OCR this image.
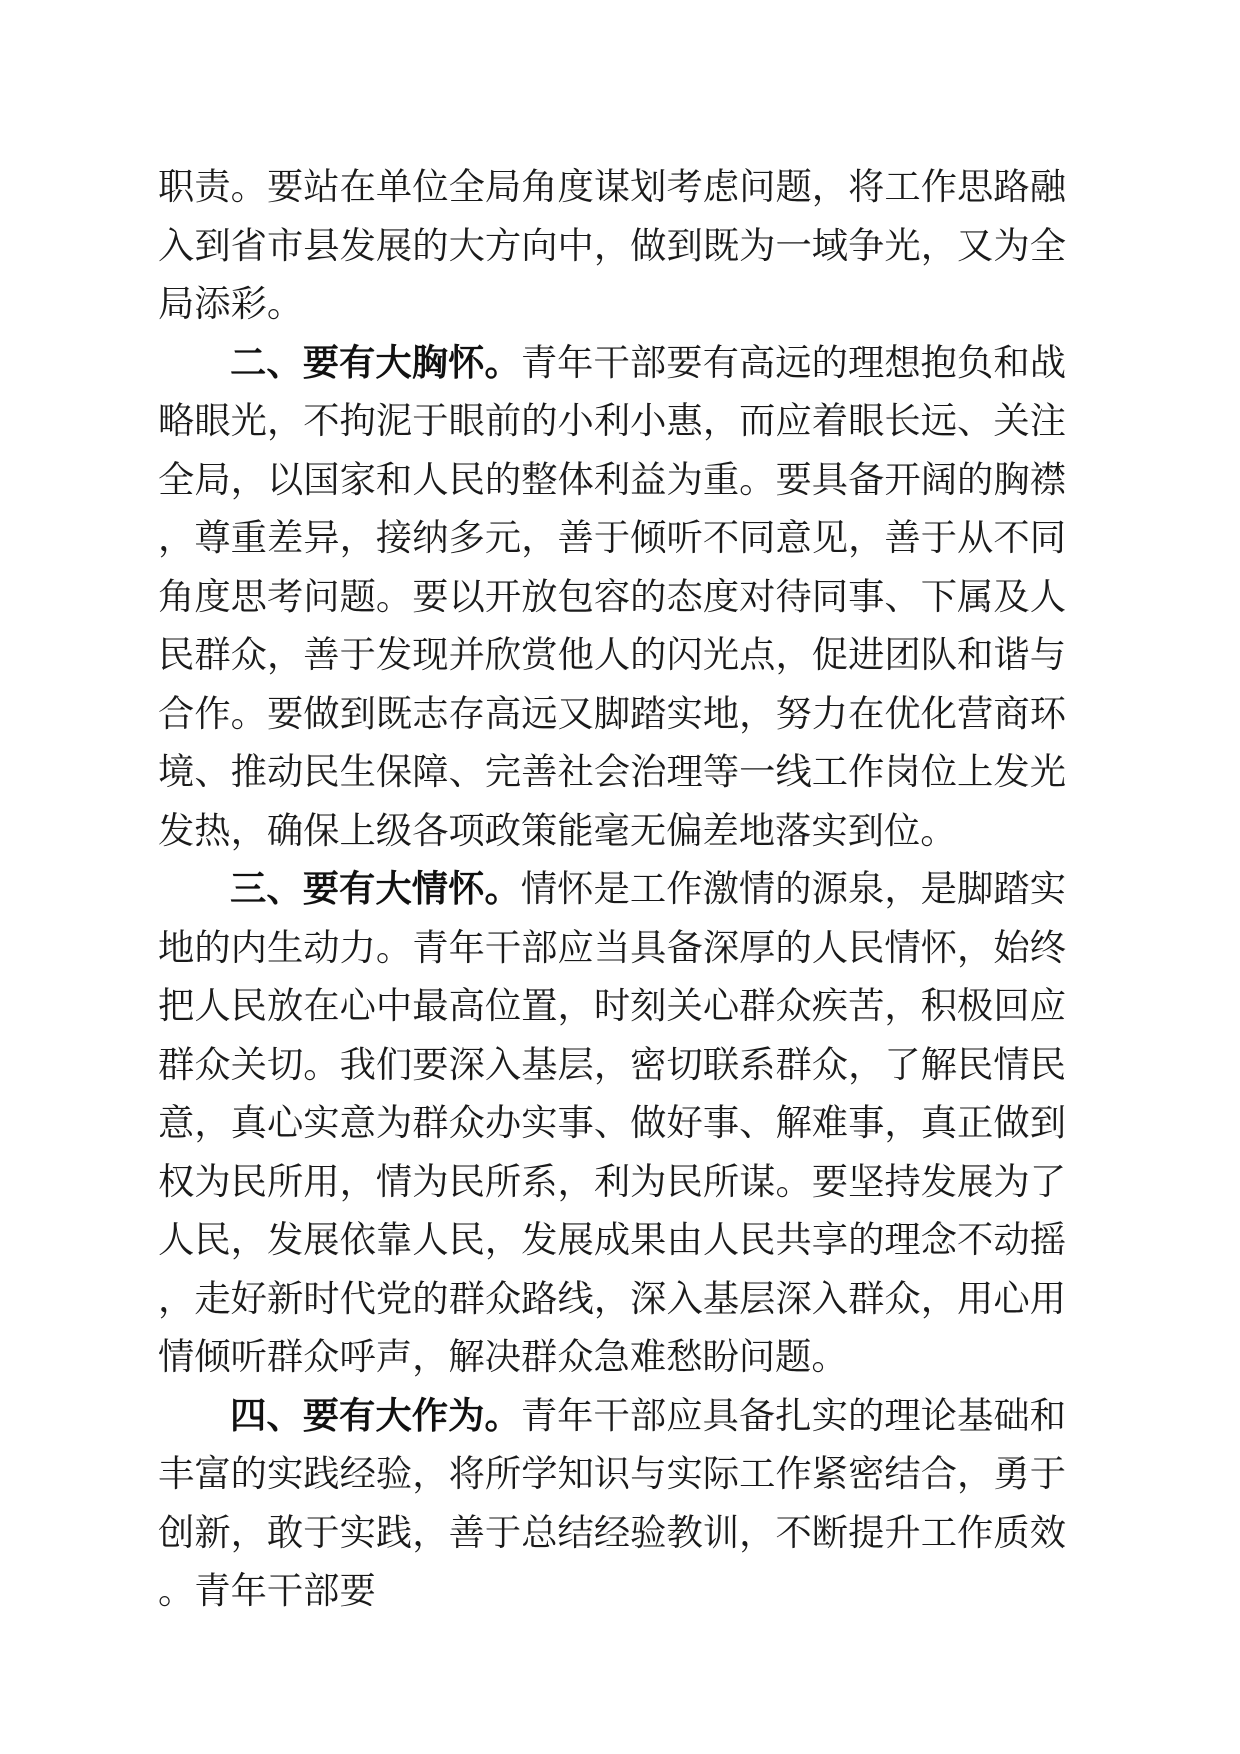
职责。要站在单位全局角度谋划考虑问题，将工作思路融入到省市县发展的大方向中，做到既为一域争光，又为全局添彩。

二、要有大胸怀。青年干部要有高远的理想抱负和战略眼光，不拘泥于眼前的小利小惠，而应着眼长远、关注全局，以国家和人民的整体利益为重。要具备开阔的胸襟，尊重差异，接纳多元，善于倾听不同意见，善于从不同角度思考问题。要以开放包容的态度对待同事、下属及人民群众，善于发现并欣赏他人的闪光点，促进团队和谐与合作。要做到既志存高远又脚踏实地，努力在优化营商环境、推动民生保障、完善社会治理等一线工作岗位上发光发热，确保上级各项政策能毫无偏差地落实到位。

三、要有大情怀。情怀是工作激情的源泉，是脚踏实地的内生动力。青年干部应当具备深厚的人民情怀，始终把人民放在心中最高位置，时刻关心群众疾苦，积极回应群众关切。我们要深入基层，密切联系群众，了解民情民意，真心实意为群众办实事、做好事、解难事，真正做到权为民所用，情为民所系，利为民所谋。要坚持发展为了人民，发展依靠人民，发展成果由人民共享的理念不动摇，走好新时代党的群众路线，深入基层深入群众，用心用情倾听群众呼声，解决群众急难愁盼问题。

四、要有大作为。青年干部应具备扎实的理论基础和丰富的实践经验，将所学知识与实际工作紧密结合，勇于创新，敢于实践，善于总结经验教训，不断提升工作质效。青年干部要
